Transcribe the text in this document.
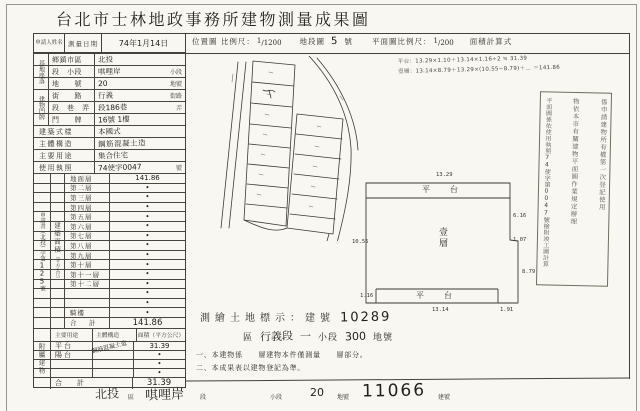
台北市士林地政事務所建物測量成果圖
申請人姓名 測量日期	74年1月14日	位置圖 比例尺： 1∕1200 地段圖 5 號	平面圖比例尺： 1∕200 面積計算式
平台：13.29×1.10＋13.14×1.16÷2 ≒ 31.39
壹層：13.14×8.79＋13.29×(10.55−8.79)＋… ＝141.86
基地座落
建物門牌
申請書（北投）字第125號
建築面積（平方公尺）
附屬建物
鄉鎮市區	北投
段　小段	唭哩岸	小段
地　　號	20	地號
街　　路	行義	街路
段　巷　弄	段186巷	弄
門　　牌	16號 1樓
建築式樣	本國式
主體構造	鋼筋混凝土造
主要用途	集合住宅
使用執照	74使字0047	號
地面層	141.86
第二層	•
第三層	•
第四層	•
第五層	•
第六層	•
第七層	•
第八層	•
第九層	•
第十層	•
第十一層	•
第十二層	•
•
•
騎樓	•
合　計	141.86
主要用途	主體構造	面積（平方公尺）
平台	鋼筋混凝土造	31.39
陽台	•
•
•
合　計	31.39
平　台
平　台
壹層
13.29
10.55
6.16
1.07
8.79
13.14	1.91
1.16
係申請建物所有權第一次登記使用
物依本市有關建物平面圖作業規定辦理
平面圖係依使用執照74使字第0047號檢附竣工圖計算
測繪土地標示：建號 10289
區 行義段 一 小段 300 地號
一、本建物係　　層建物本件僅測量　　層部分。
二、本成果表以建物登記為準。
北投 區 唭哩岸	段	小段	20 地號 11066 建號
